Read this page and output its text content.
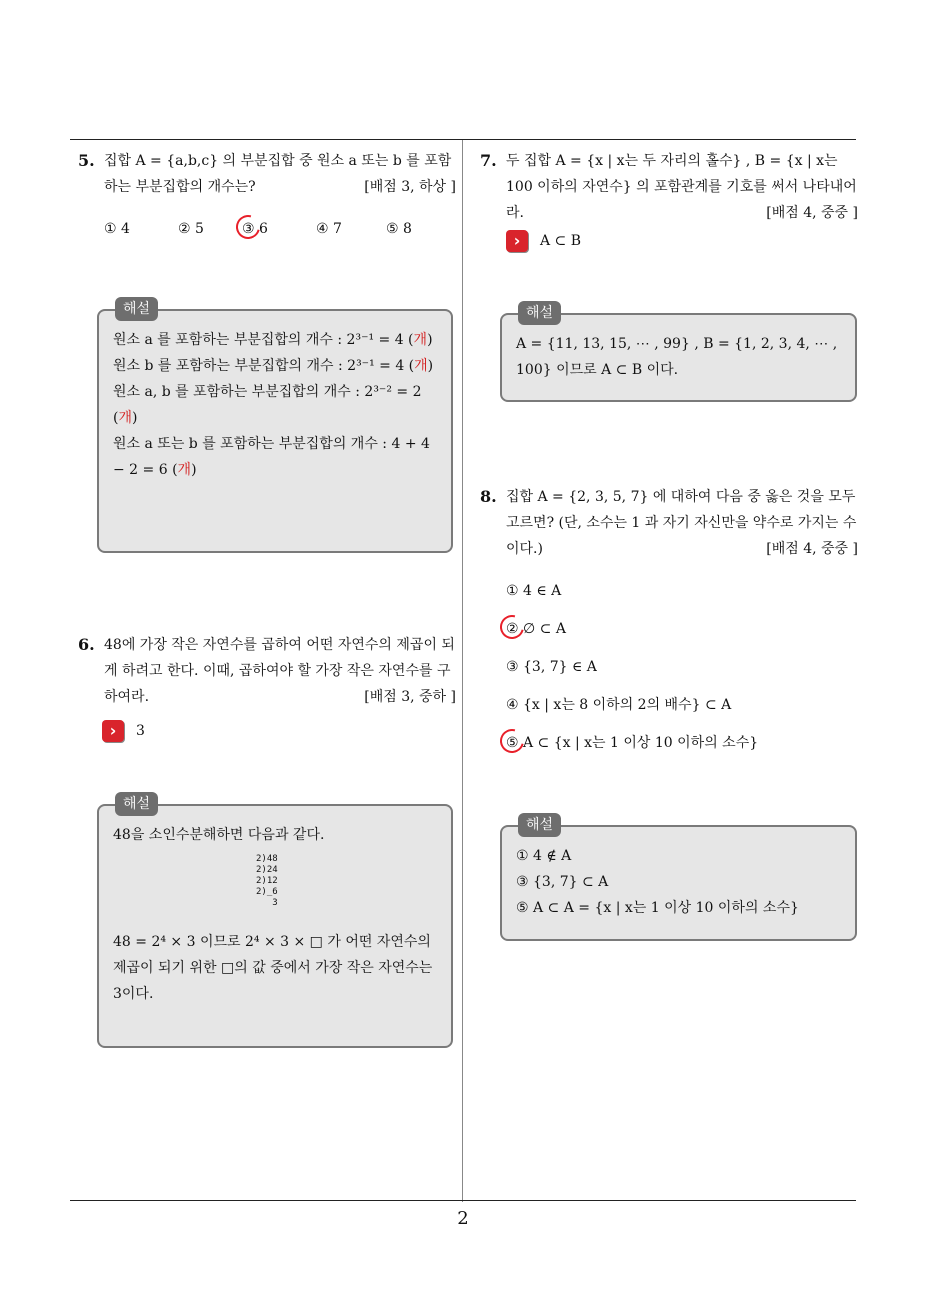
2
5. 집합 A = {a,b,c} 의 부분집합 중 원소 a 또는 b 를 포함하는 부분집합의 개수는?	[배점 3, 하상 ]
① 4	② 5	③ 6	④ 7	⑤ 8
해설
원소 a 를 포함하는 부분집합의 개수 : 2³⁻¹ = 4 (개)
원소 b 를 포함하는 부분집합의 개수 : 2³⁻¹ = 4 (개)
원소 a, b 를 포함하는 부분집합의 개수 : 2³⁻² = 2 (개)
원소 a 또는 b 를 포함하는 부분집합의 개수 : 4 + 4 − 2 = 6 (개)
6. 48에 가장 작은 자연수를 곱하여 어떤 자연수의 제곱이 되게 하려고 한다. 이때, 곱하여야 할 가장 작은 자연수를 구하여라.	[배점 3, 중하 ]
›	3
해설
48을 소인수분해하면 다음과 같다.
2)48
2)24
2)12
2)_6
3
48 = 2⁴ × 3 이므로 2⁴ × 3 × □ 가 어떤 자연수의 제곱이 되기 위한 □의 값 중에서 가장 작은 자연수는 3이다.
7. 두 집합 A = {x | x는 두 자리의 홀수} , B = {x | x는 100 이하의 자연수} 의 포함관계를 기호를 써서 나타내어라.	[배점 4, 중중 ]
›	A ⊂ B
해설
A = {11, 13, 15, ⋯ , 99} , B = {1, 2, 3, 4, ⋯ , 100} 이므로 A ⊂ B 이다.
8. 집합 A = {2, 3, 5, 7} 에 대하여 다음 중 옳은 것을 모두 고르면? (단, 소수는 1 과 자기 자신만을 약수로 가지는 수이다.)	[배점 4, 중중 ]
① 4 ∈ A
② ∅ ⊂ A
③ {3, 7} ∈ A
④ {x | x는 8 이하의 2의 배수} ⊂ A
⑤ A ⊂ {x | x는 1 이상 10 이하의 소수}
해설
① 4 ∉ A
③ {3, 7} ⊂ A
⑤ A ⊂ A = {x | x는 1 이상 10 이하의 소수}
